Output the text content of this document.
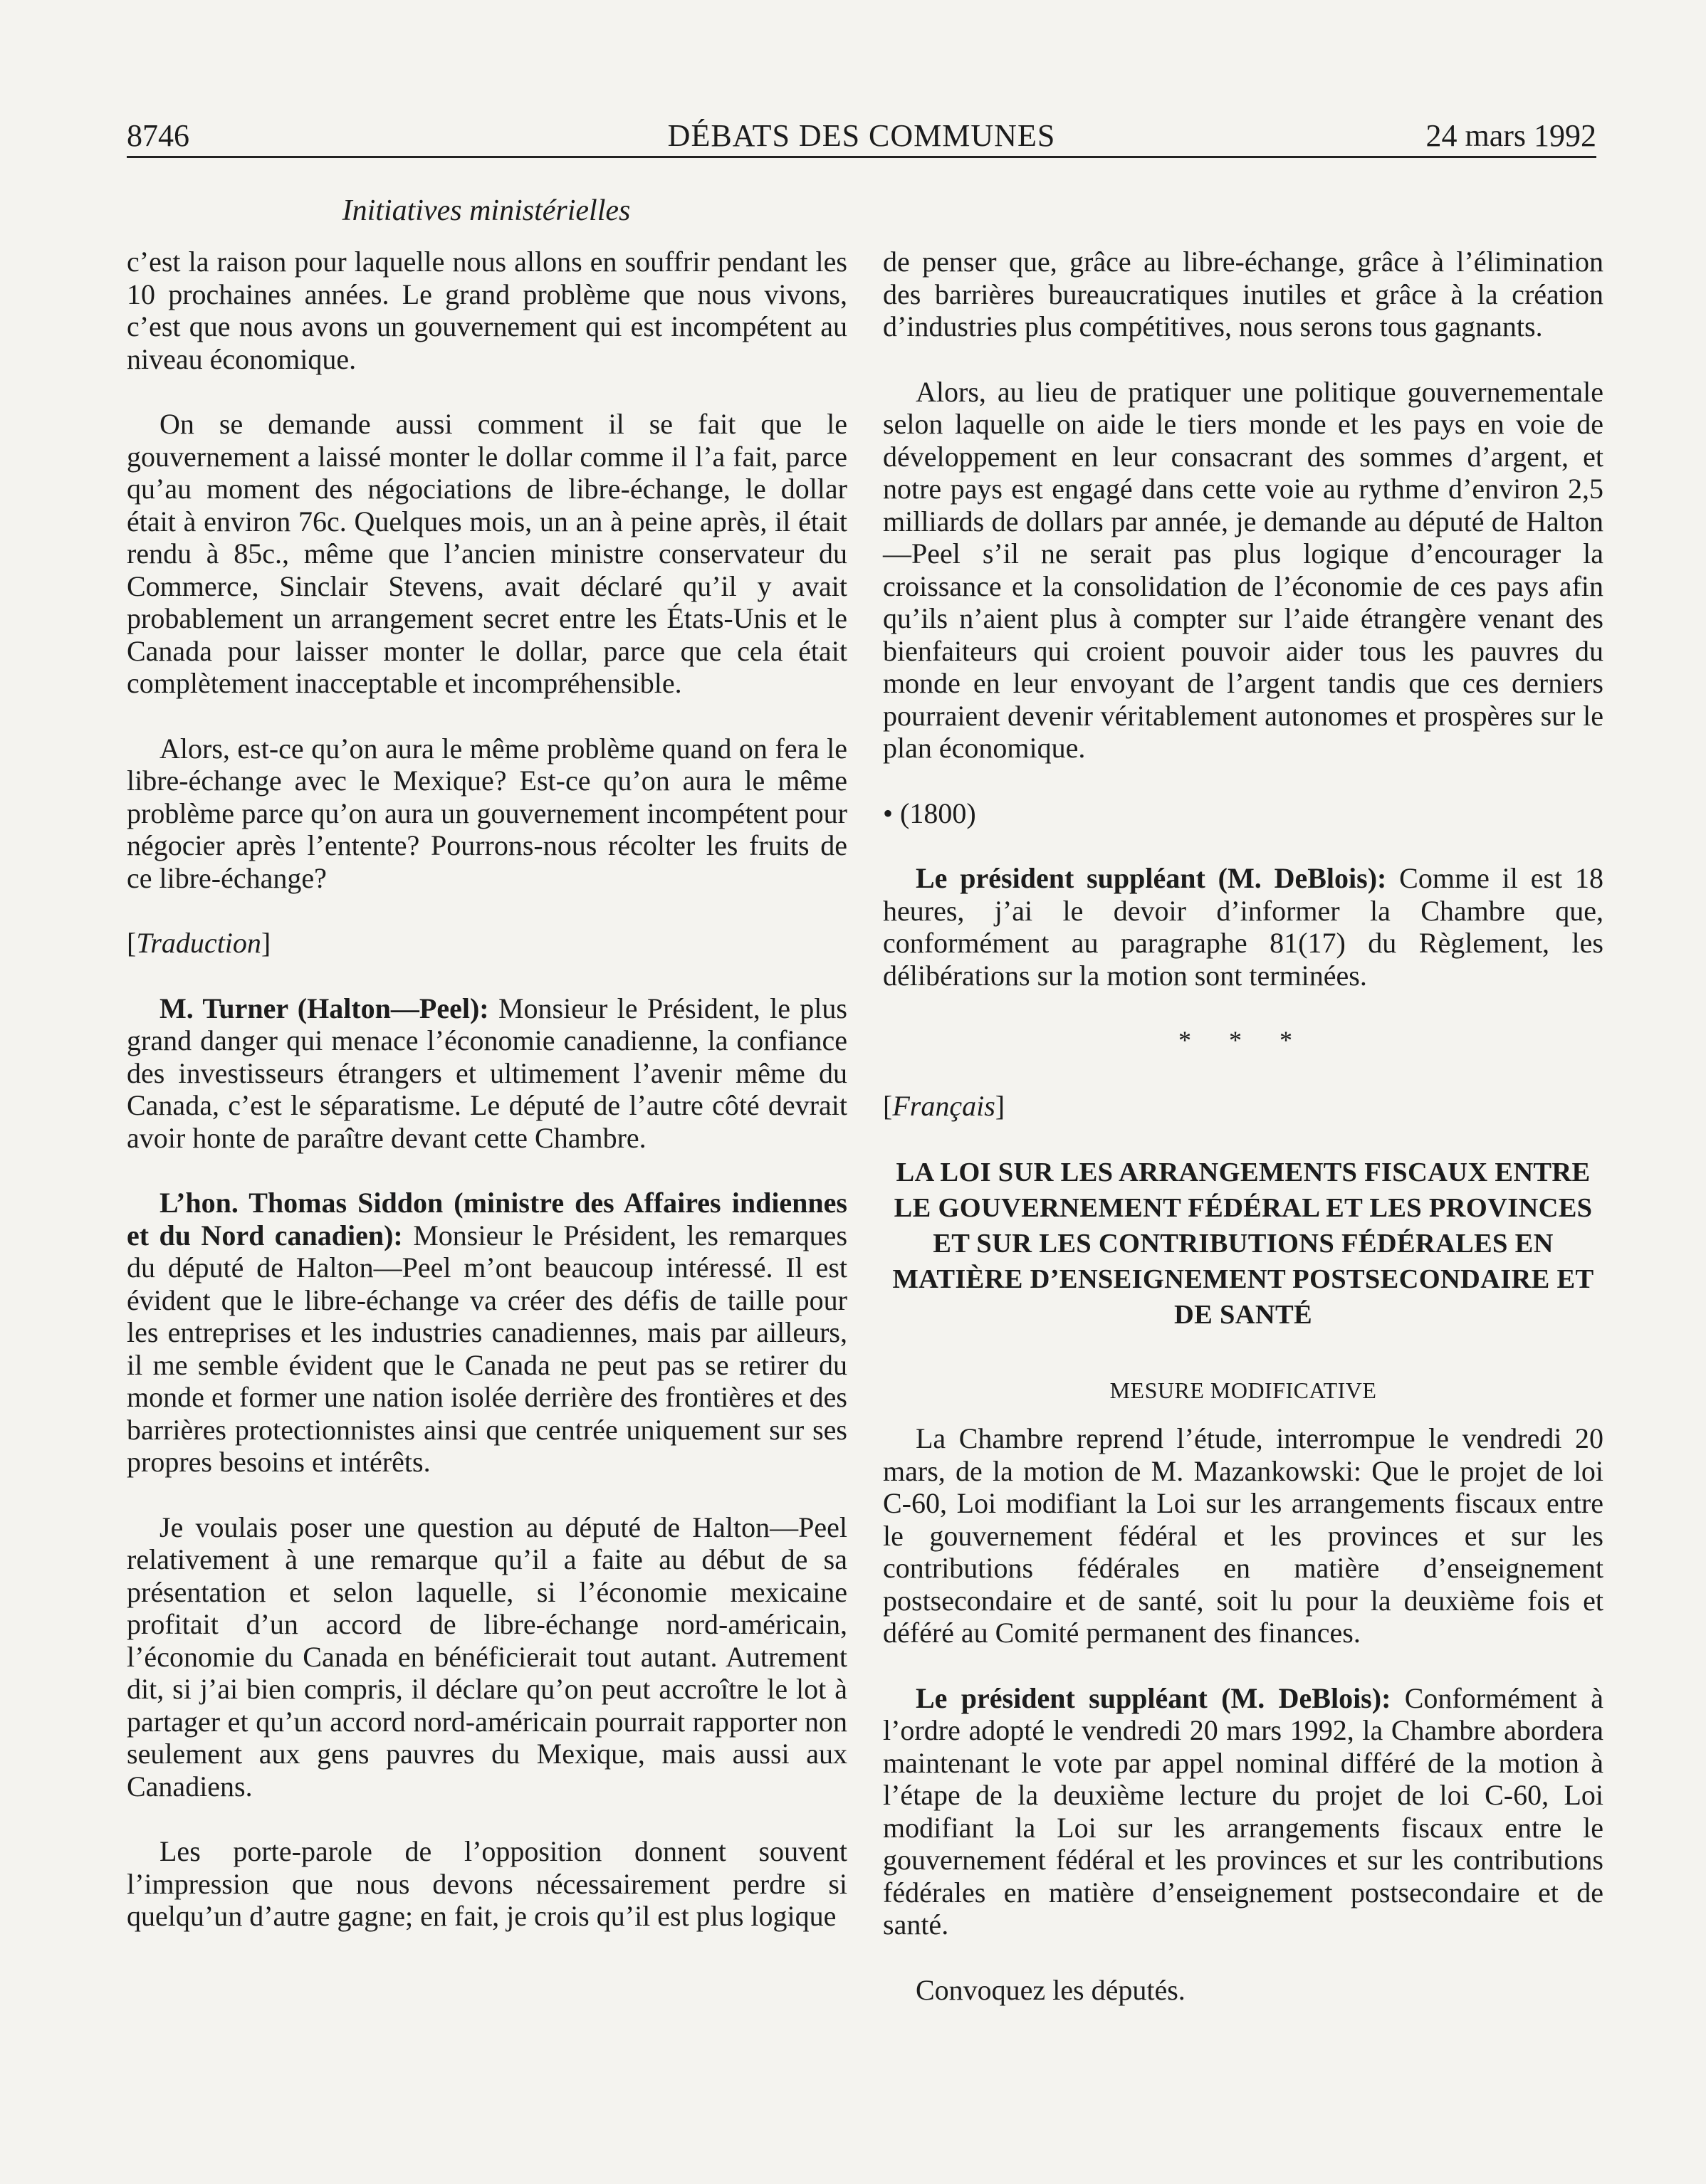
8746	DÉBATS DES COMMUNES	24 mars 1992
Initiatives ministérielles

c’est la raison pour laquelle nous allons en souffrir pendant les 10 prochaines années. Le grand problème que nous vivons, c’est que nous avons un gouvernement qui est incompétent au niveau économique.

On se demande aussi comment il se fait que le gouvernement a laissé monter le dollar comme il l’a fait, parce qu’au moment des négociations de libre-échange, le dollar était à environ 76c. Quelques mois, un an à peine après, il était rendu à 85c., même que l’ancien ministre conservateur du Commerce, Sinclair Stevens, avait déclaré qu’il y avait probablement un arrangement secret entre les États-Unis et le Canada pour laisser monter le dollar, parce que cela était complètement inacceptable et incompréhensible.

Alors, est-ce qu’on aura le même problème quand on fera le libre-échange avec le Mexique? Est-ce qu’on aura le même problème parce qu’on aura un gouvernement incompétent pour négocier après l’entente? Pourrons-nous récolter les fruits de ce libre-échange?

[Traduction]

M. Turner (Halton—Peel): Monsieur le Président, le plus grand danger qui menace l’économie canadienne, la confiance des investisseurs étrangers et ultimement l’avenir même du Canada, c’est le séparatisme. Le député de l’autre côté devrait avoir honte de paraître devant cette Chambre.

L’hon. Thomas Siddon (ministre des Affaires indiennes et du Nord canadien): Monsieur le Président, les remarques du député de Halton—Peel m’ont beaucoup intéressé. Il est évident que le libre-échange va créer des défis de taille pour les entreprises et les industries canadiennes, mais par ailleurs, il me semble évident que le Canada ne peut pas se retirer du monde et former une nation isolée derrière des frontières et des barrières protectionnistes ainsi que centrée uniquement sur ses propres besoins et intérêts.

Je voulais poser une question au député de Halton—Peel relativement à une remarque qu’il a faite au début de sa présentation et selon laquelle, si l’économie mexicaine profitait d’un accord de libre-échange nord-américain, l’économie du Canada en bénéficierait tout autant. Autrement dit, si j’ai bien compris, il déclare qu’on peut accroître le lot à partager et qu’un accord nord-américain pourrait rapporter non seulement aux gens pauvres du Mexique, mais aussi aux Canadiens.

Les porte-parole de l’opposition donnent souvent l’impression que nous devons nécessairement perdre si quelqu’un d’autre gagne; en fait, je crois qu’il est plus logique

de penser que, grâce au libre-échange, grâce à l’élimination des barrières bureaucratiques inutiles et grâce à la création d’industries plus compétitives, nous serons tous gagnants.

Alors, au lieu de pratiquer une politique gouvernementale selon laquelle on aide le tiers monde et les pays en voie de développement en leur consacrant des sommes d’argent, et notre pays est engagé dans cette voie au rythme d’environ 2,5 milliards de dollars par année, je demande au député de Halton—Peel s’il ne serait pas plus logique d’encourager la croissance et la consolidation de l’économie de ces pays afin qu’ils n’aient plus à compter sur l’aide étrangère venant des bienfaiteurs qui croient pouvoir aider tous les pauvres du monde en leur envoyant de l’argent tandis que ces derniers pourraient devenir véritablement autonomes et prospères sur le plan économique.

• (1800)

Le président suppléant (M. DeBlois): Comme il est 18 heures, j’ai le devoir d’informer la Chambre que, conformément au paragraphe 81(17) du Règlement, les délibérations sur la motion sont terminées.

* * *
[Français]
LA LOI SUR LES ARRANGEMENTS FISCAUX ENTRE LE GOUVERNEMENT FÉDÉRAL ET LES PROVINCES ET SUR LES CONTRIBUTIONS FÉDÉRALES EN MATIÈRE D’ENSEIGNEMENT POSTSECONDAIRE ET DE SANTÉ
MESURE MODIFICATIVE

La Chambre reprend l’étude, interrompue le vendredi 20 mars, de la motion de M. Mazankowski: Que le projet de loi C-60, Loi modifiant la Loi sur les arrangements fiscaux entre le gouvernement fédéral et les provinces et sur les contributions fédérales en matière d’enseignement postsecondaire et de santé, soit lu pour la deuxième fois et déféré au Comité permanent des finances.

Le président suppléant (M. DeBlois): Conformément à l’ordre adopté le vendredi 20 mars 1992, la Chambre abordera maintenant le vote par appel nominal différé de la motion à l’étape de la deuxième lecture du projet de loi C-60, Loi modifiant la Loi sur les arrangements fiscaux entre le gouvernement fédéral et les provinces et sur les contributions fédérales en matière d’enseignement postsecondaire et de santé.

Convoquez les députés.
